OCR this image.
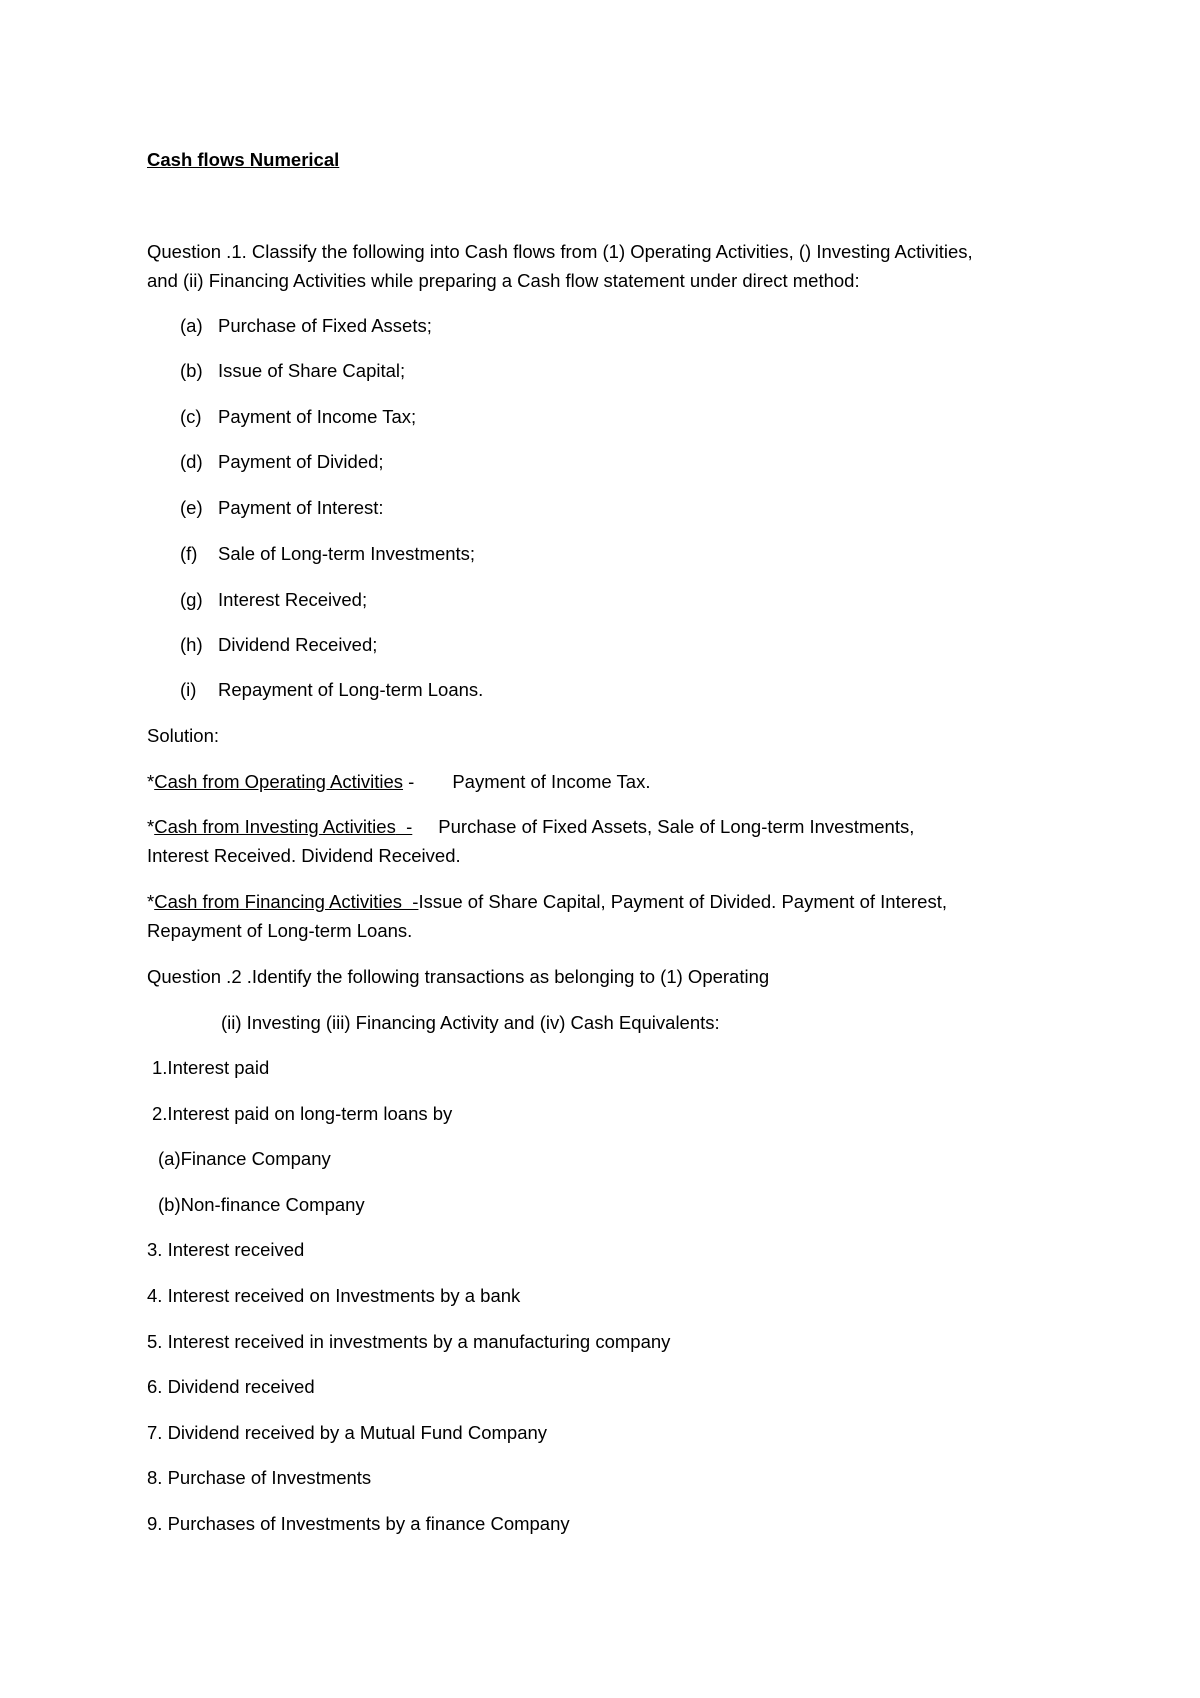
Cash flows Numerical
Question .1. Classify the following into Cash flows from (1) Operating Activities, () Investing Activities,
and (ii) Financing Activities while preparing a Cash flow statement under direct method:
(a) Purchase of Fixed Assets;
(b) Issue of Share Capital;
(c) Payment of Income Tax;
(d) Payment of Divided;
(e) Payment of Interest:
(f) Sale of Long-term Investments;
(g) Interest Received;
(h) Dividend Received;
(i) Repayment of Long-term Loans.
Solution:
*Cash from Operating Activities - Payment of Income Tax.
*Cash from Investing Activities  - Purchase of Fixed Assets, Sale of Long-term Investments,
Interest Received. Dividend Received.
*Cash from Financing Activities  -Issue of Share Capital, Payment of Divided. Payment of Interest,
Repayment of Long-term Loans.
Question .2 .Identify the following transactions as belonging to (1) Operating
(ii) Investing (iii) Financing Activity and (iv) Cash Equivalents:
1.Interest paid
2.Interest paid on long-term loans by
(a)Finance Company
(b)Non-finance Company
3. Interest received
4. Interest received on Investments by a bank
5. Interest received in investments by a manufacturing company
6. Dividend received
7. Dividend received by a Mutual Fund Company
8. Purchase of Investments
9. Purchases of Investments by a finance Company
